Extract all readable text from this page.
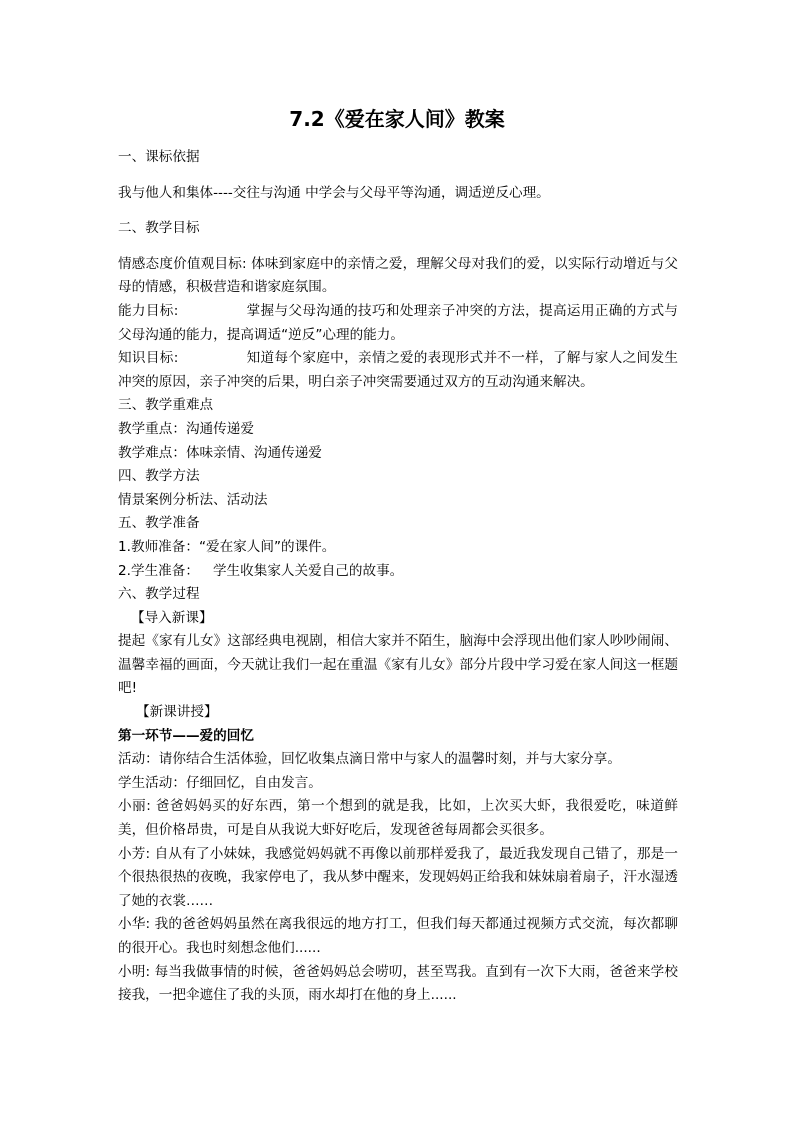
7.2《爱在家人间》教案

一、课标依据

我与他人和集体----交往与沟通 中学会与父母平等沟通，调适逆反心理。

二、教学目标

情感态度价值观目标: 体味到家庭中的亲情之爱，理解父母对我们的爱，以实际行动增近与父母的情感，积极营造和谐家庭氛围。

能力目标:	掌握与父母沟通的技巧和处理亲子冲突的方法，提高运用正确的方式与父母沟通的能力，提高调适“逆反”心理的能力。

知识目标:	知道每个家庭中，亲情之爱的表现形式并不一样，了解与家人之间发生冲突的原因，亲子冲突的后果，明白亲子冲突需要通过双方的互动沟通来解决。

三、教学重难点

教学重点：沟通传递爱

教学难点：体味亲情、沟通传递爱

四、教学方法

情景案例分析法、活动法

五、教学准备

1.教师准备：“爱在家人间”的课件。

2.学生准备： 学生收集家人关爱自己的故事。

六、教学过程

【导入新课】

提起《家有儿女》这部经典电视剧，相信大家并不陌生，脑海中会浮现出他们家人吵吵闹闹、温馨幸福的画面，今天就让我们一起在重温《家有儿女》部分片段中学习爱在家人间这一框题吧!

【新课讲授】

第一环节——爱的回忆

活动：请你结合生活体验，回忆收集点滴日常中与家人的温馨时刻，并与大家分享。

学生活动：仔细回忆，自由发言。

小丽: 爸爸妈妈买的好东西，第一个想到的就是我，比如，上次买大虾，我很爱吃，味道鲜美，但价格昂贵，可是自从我说大虾好吃后，发现爸爸每周都会买很多。

小芳: 自从有了小妹妹，我感觉妈妈就不再像以前那样爱我了，最近我发现自己错了，那是一个很热很热的夜晚，我家停电了，我从梦中醒来，发现妈妈正给我和妹妹扇着扇子，汗水湿透了她的衣裳……

小华: 我的爸爸妈妈虽然在离我很远的地方打工，但我们每天都通过视频方式交流，每次都聊的很开心。我也时刻想念他们......

小明: 每当我做事情的时候，爸爸妈妈总会唠叨，甚至骂我。直到有一次下大雨，爸爸来学校接我，一把伞遮住了我的头顶，雨水却打在他的身上......
